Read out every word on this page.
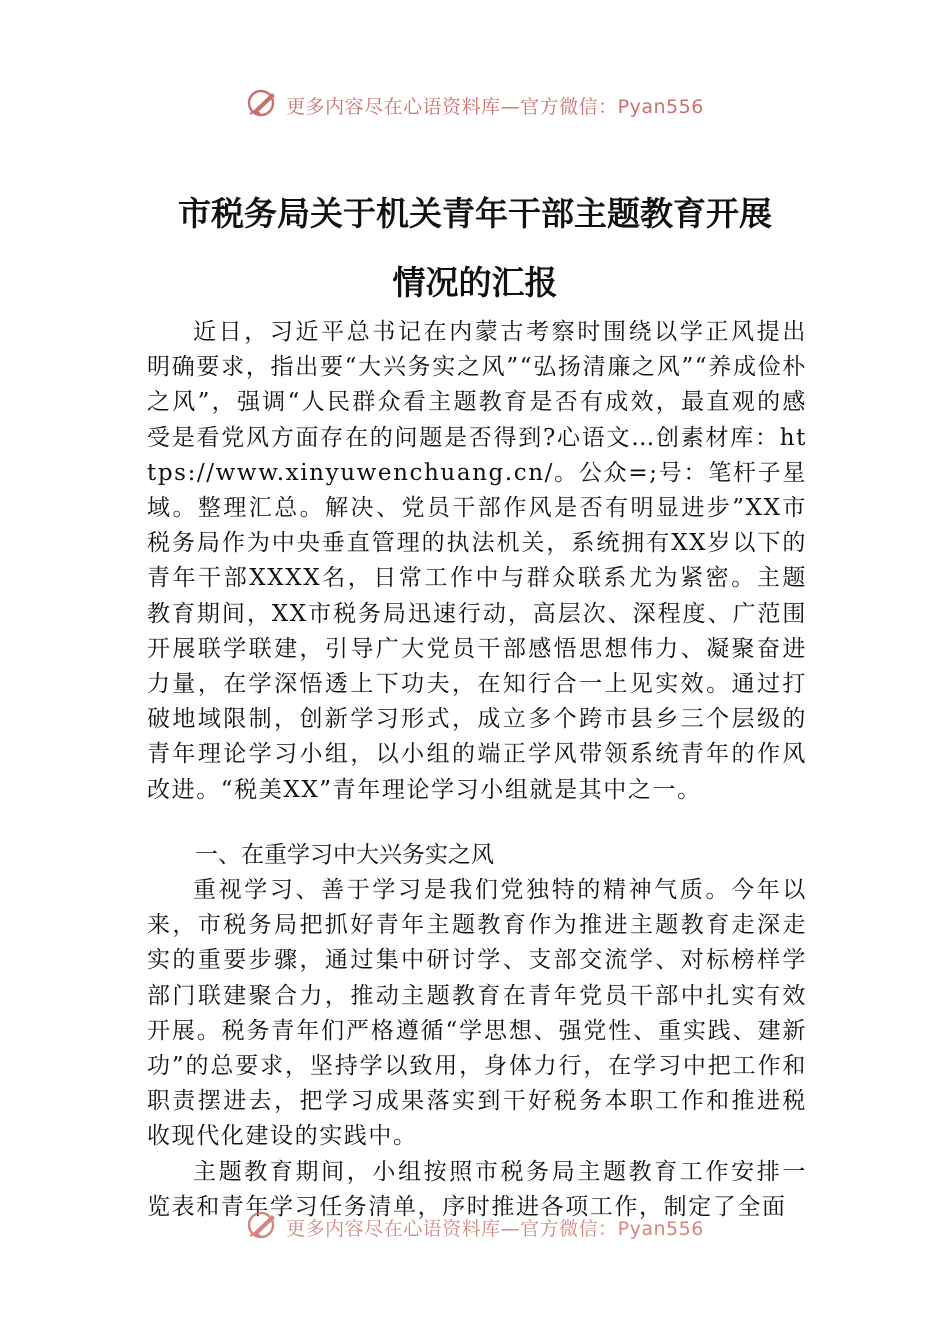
更多内容尽在心语资料库—官方微信：Pyan556
市税务局关于机关青年干部主题教育开展
情况的汇报

近日，习近平总书记在内蒙古考察时围绕以学正风提出明确要求，指出要“大兴务实之风”“弘扬清廉之风”“养成俭朴之风”，强调“人民群众看主题教育是否有成效，最直观的感受是看党风方面存在的问题是否得到?心语文…创素材库：https://www.xinyuwenchuang.cn/。公众=;号：笔杆子星域。整理汇总。解决、党员干部作风是否有明显进步”XX市税务局作为中央垂直管理的执法机关，系统拥有XX岁以下的青年干部XXXX名，日常工作中与群众联系尤为紧密。主题教育期间，XX市税务局迅速行动，高层次、深程度、广范围开展联学联建，引导广大党员干部感悟思想伟力、凝聚奋进力量，在学深悟透上下功夫，在知行合一上见实效。通过打破地域限制，创新学习形式，成立多个跨市县乡三个层级的青年理论学习小组，以小组的端正学风带领系统青年的作风改进。“税美XX”青年理论学习小组就是其中之一。

一、在重学习中大兴务实之风

重视学习、善于学习是我们党独特的精神气质。今年以来，市税务局把抓好青年主题教育作为推进主题教育走深走实的重要步骤，通过集中研讨学、支部交流学、对标榜样学部门联建聚合力，推动主题教育在青年党员干部中扎实有效开展。税务青年们严格遵循“学思想、强党性、重实践、建新功”的总要求，坚持学以致用，身体力行，在学习中把工作和职责摆进去，把学习成果落实到干好税务本职工作和推进税收现代化建设的实践中。

主题教育期间，小组按照市税务局主题教育工作安排一览表和青年学习任务清单，序时推进各项工作，制定了全面

更多内容尽在心语资料库—官方微信：Pyan556
